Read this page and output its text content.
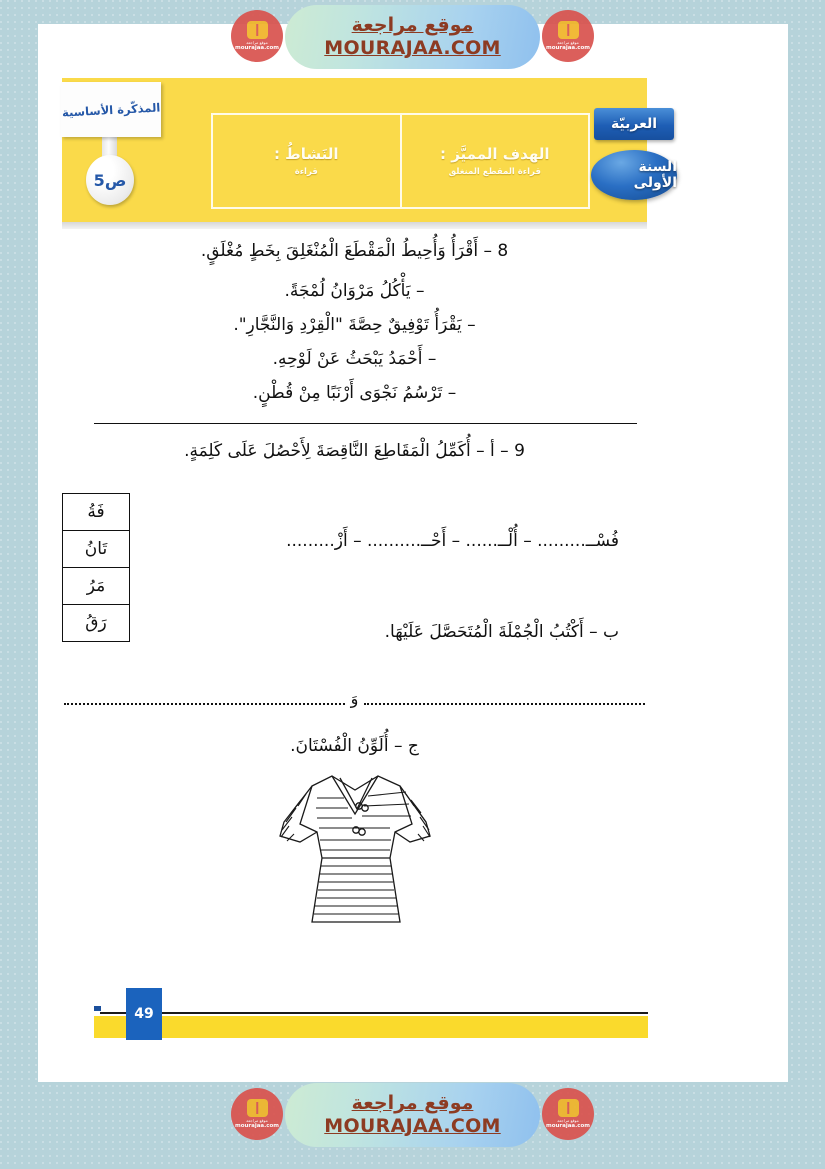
موقع مراجعة
mourajaa.com
موقع مراجعة
MOURAJAA.COM	موقع مراجعة
mourajaa.com
المذكّرة الأساسية
ص5
الهدف المميَّز :
قراءة المقطع المنغلق
النَشاطُ :
قراءة
العربيّة
السنة الأولى
8 – أَقْرَأُ وَأُحِيطُ الْمَقْطَعَ الْمُنْغَلِقَ بِخَطٍ مُغْلَقٍ.
– يَأْكُلُ مَرْوَانُ لُمْجَةً.
– يَقْرَأُ تَوْفِيقٌ حِصَّةَ "الْقِرْدِ وَالنَّجَّارِ".
– أَحْمَدُ يَبْحَثُ عَنْ لَوْحِهِ.
– تَرْسُمُ نَجْوَى أَرْنَبًا مِنْ قُطْنٍ.
9 – أ – أُكَمِّلُ الْمَقَاطِعَ النَّاقِصَةَ لِأَحْصُلَ عَلَى كَلِمَةٍ.
فَةُ
تَانُ
مَرُ
رَقُ
فُسْــ......... – أُلْــ...... – أَحْــ.......... – أَزْ.........
ب – أَكْتُبُ الْجُمْلَةَ الْمُتَحَصَّلَ عَلَيْهَا.
وَ
ج – أُلَوِّنُ الْفُسْتَانَ.
49
موقع مراجعة
mourajaa.com
موقع مراجعة
MOURAJAA.COM	موقع مراجعة
mourajaa.com
